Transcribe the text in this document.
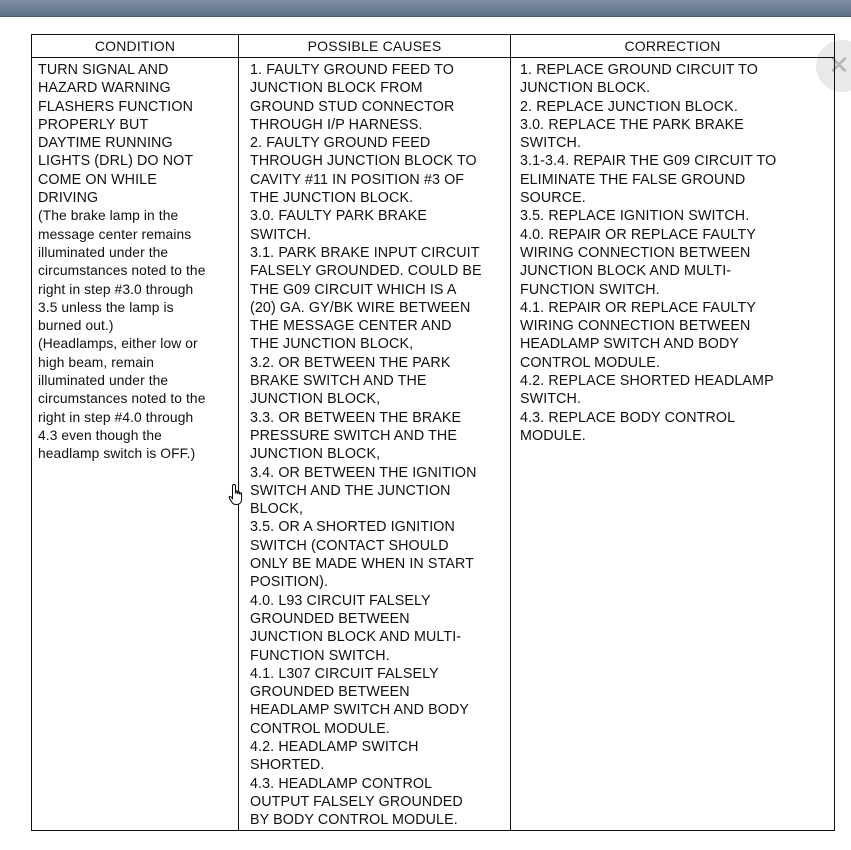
✕
CONDITION
TURN SIGNAL AND
HAZARD WARNING
FLASHERS FUNCTION
PROPERLY BUT
DAYTIME RUNNING
LIGHTS (DRL) DO NOT
COME ON WHILE
DRIVING
(The brake lamp in the
message center remains
illuminated under the
circumstances noted to the
right in step #3.0 through
3.5 unless the lamp is
burned out.)
(Headlamps, either low or
high beam, remain
illuminated under the
circumstances noted to the
right in step #4.0 through
4.3 even though the
headlamp switch is OFF.)
POSSIBLE CAUSES
1. FAULTY GROUND FEED TO
JUNCTION BLOCK FROM
GROUND STUD CONNECTOR
THROUGH I/P HARNESS.
2. FAULTY GROUND FEED
THROUGH JUNCTION BLOCK TO
CAVITY #11 IN POSITION #3 OF
THE JUNCTION BLOCK.
3.0. FAULTY PARK BRAKE
SWITCH.
3.1. PARK BRAKE INPUT CIRCUIT
FALSELY GROUNDED. COULD BE
THE G09 CIRCUIT WHICH IS A
(20) GA. GY/BK WIRE BETWEEN
THE MESSAGE CENTER AND
THE JUNCTION BLOCK,
3.2. OR BETWEEN THE PARK
BRAKE SWITCH AND THE
JUNCTION BLOCK,
3.3. OR BETWEEN THE BRAKE
PRESSURE SWITCH AND THE
JUNCTION BLOCK,
3.4. OR BETWEEN THE IGNITION
SWITCH AND THE JUNCTION
BLOCK,
3.5. OR A SHORTED IGNITION
SWITCH (CONTACT SHOULD
ONLY BE MADE WHEN IN START
POSITION).
4.0. L93 CIRCUIT FALSELY
GROUNDED BETWEEN
JUNCTION BLOCK AND MULTI-
FUNCTION SWITCH.
4.1. L307 CIRCUIT FALSELY
GROUNDED BETWEEN
HEADLAMP SWITCH AND BODY
CONTROL MODULE.
4.2. HEADLAMP SWITCH
SHORTED.
4.3. HEADLAMP CONTROL
OUTPUT FALSELY GROUNDED
BY BODY CONTROL MODULE.
CORRECTION
1. REPLACE GROUND CIRCUIT TO
JUNCTION BLOCK.
2. REPLACE JUNCTION BLOCK.
3.0. REPLACE THE PARK BRAKE
SWITCH.
3.1-3.4. REPAIR THE G09 CIRCUIT TO
ELIMINATE THE FALSE GROUND
SOURCE.
3.5. REPLACE IGNITION SWITCH.
4.0. REPAIR OR REPLACE FAULTY
WIRING CONNECTION BETWEEN
JUNCTION BLOCK AND MULTI-
FUNCTION SWITCH.
4.1. REPAIR OR REPLACE FAULTY
WIRING CONNECTION BETWEEN
HEADLAMP SWITCH AND BODY
CONTROL MODULE.
4.2. REPLACE SHORTED HEADLAMP
SWITCH.
4.3. REPLACE BODY CONTROL
MODULE.
